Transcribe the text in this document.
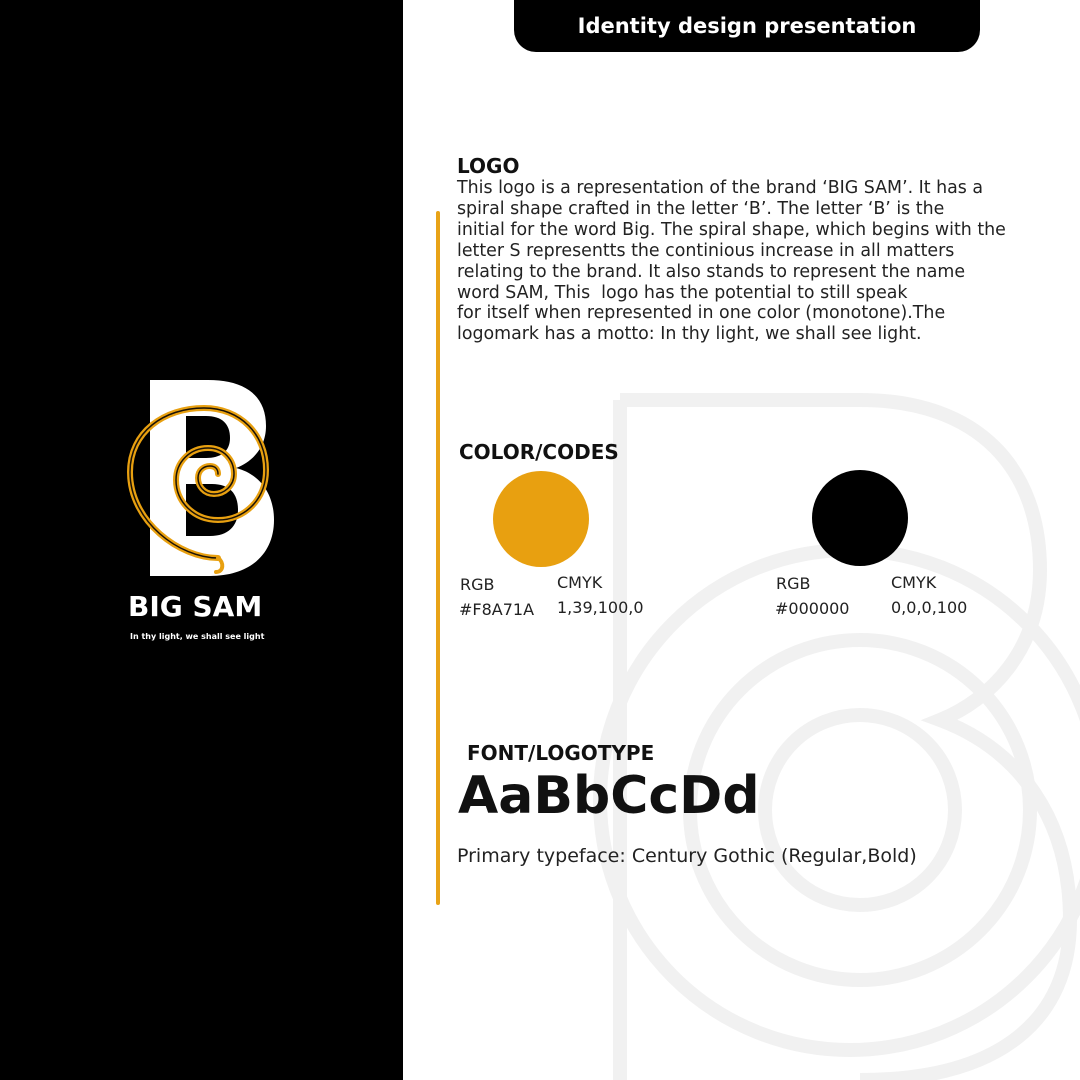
BIG SAM
In thy light, we shall see light
Identity design presentation
LOGO
This logo is a representation of the brand ‘BIG SAM’. It has a
spiral shape crafted in the letter ‘B’. The letter ‘B’ is the
initial for the word Big. The spiral shape, which begins with the
letter S representts the continious increase in all matters
relating to the brand. It also stands to represent the name
word SAM, This  logo has the potential to still speak
for itself when represented in one color (monotone).The
logomark has a motto: In thy light, we shall see light.
COLOR/CODES
RGB
#F8A71A
CMYK
1,39,100,0
RGB
#000000
CMYK
0,0,0,100
FONT/LOGOTYPE
AaBbCcDd
Primary typeface: Century Gothic (Regular,Bold)
